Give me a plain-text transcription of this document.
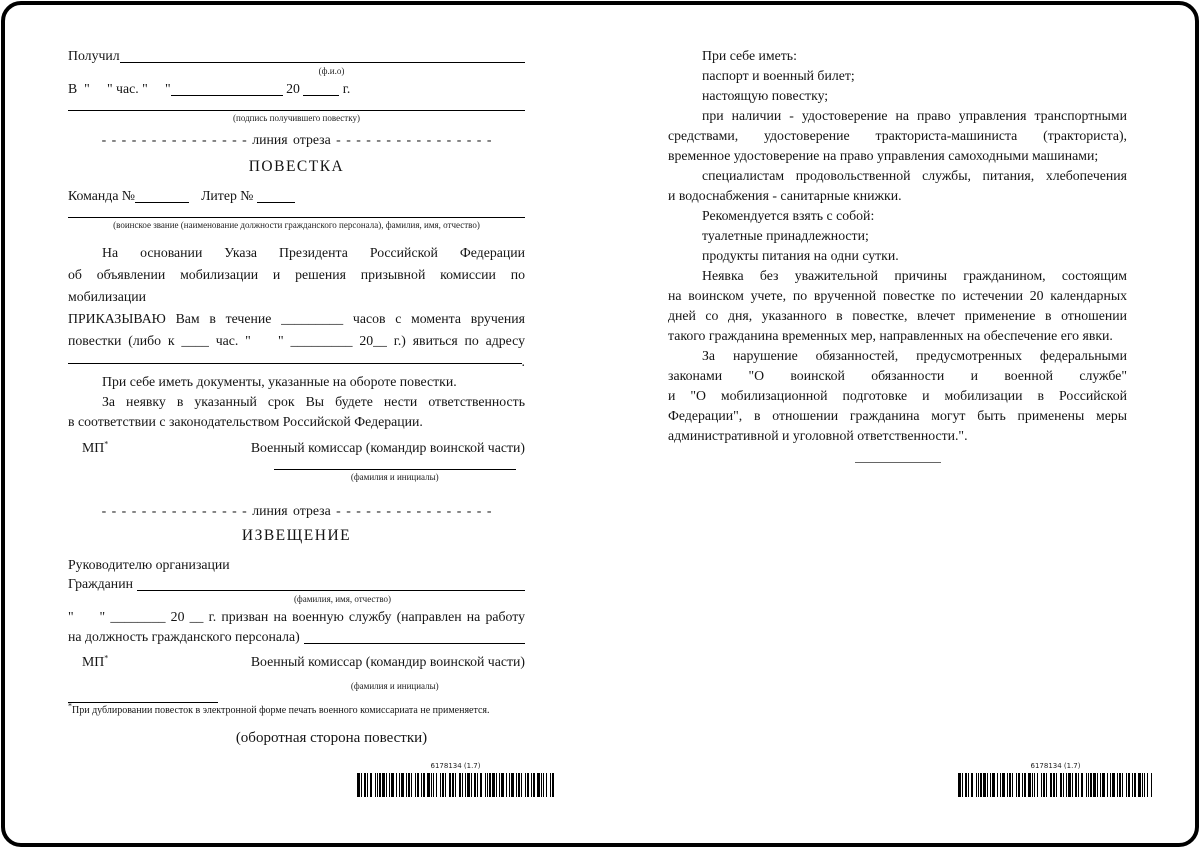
Получил
(ф.и.о)
В  "     " час. "     "	20	г.
(подпись получившего повестку)
- - - - - - - - - - - - - - - линия отреза - - - - - - - - - - - - - - - -
ПОВЕСТКА
Команда №	Литер №
(воинское звание (наименование должности гражданского персонала), фамилия, имя, отчество)
На основании Указа Президента Российской Федерации
об объявлении мобилизации и решения призывной комиссии по мобилизации
ПРИКАЗЫВАЮ Вам в течение _________ часов с момента вручения
повестки (либо к ____ час. "    " _________ 20__ г.) явиться по адресу
.
При себе иметь документы, указанные на обороте повестки.
За неявку в указанный срок Вы будете нести ответственность
в соответствии с законодательством Российской Федерации.
МП*	Военный комиссар (командир воинской части)
(фамилия и инициалы)
- - - - - - - - - - - - - - - линия отреза - - - - - - - - - - - - - - - -
ИЗВЕЩЕНИЕ
Руководителю организации
Гражданин
(фамилия, имя, отчество)
"     " ________ 20 __ г. призван на военную службу (направлен на работу
на должность гражданского персонала)
МП*	Военный комиссар (командир воинской части)
(фамилия и инициалы)
*При дублировании повесток в электронной форме печать военного комиссариата не применяется.
(оборотная сторона повестки)
При себе иметь:
паспорт и военный билет;
настоящую повестку;
при наличии - удостоверение на право управления транспортными
средствами, удостоверение тракториста-машиниста (тракториста),
временное удостоверение на право управления самоходными машинами;
специалистам продовольственной службы, питания, хлебопечения
и водоснабжения - санитарные книжки.
Рекомендуется взять с собой:
туалетные принадлежности;
продукты питания на одни сутки.
Неявка без уважительной причины гражданином, состоящим
на воинском учете, по врученной повестке по истечении 20 календарных
дней со дня, указанного в повестке, влечет применение в отношении
такого гражданина временных мер, направленных на обеспечение его явки.
За нарушение обязанностей, предусмотренных федеральными
законами "О воинской обязанности и военной службе"
и "О мобилизационной подготовке и мобилизации в Российской
Федерации", в отношении гражданина могут быть применены меры
административной и уголовной ответственности.".
6178134 (1.7)	6178134 (1.7)
